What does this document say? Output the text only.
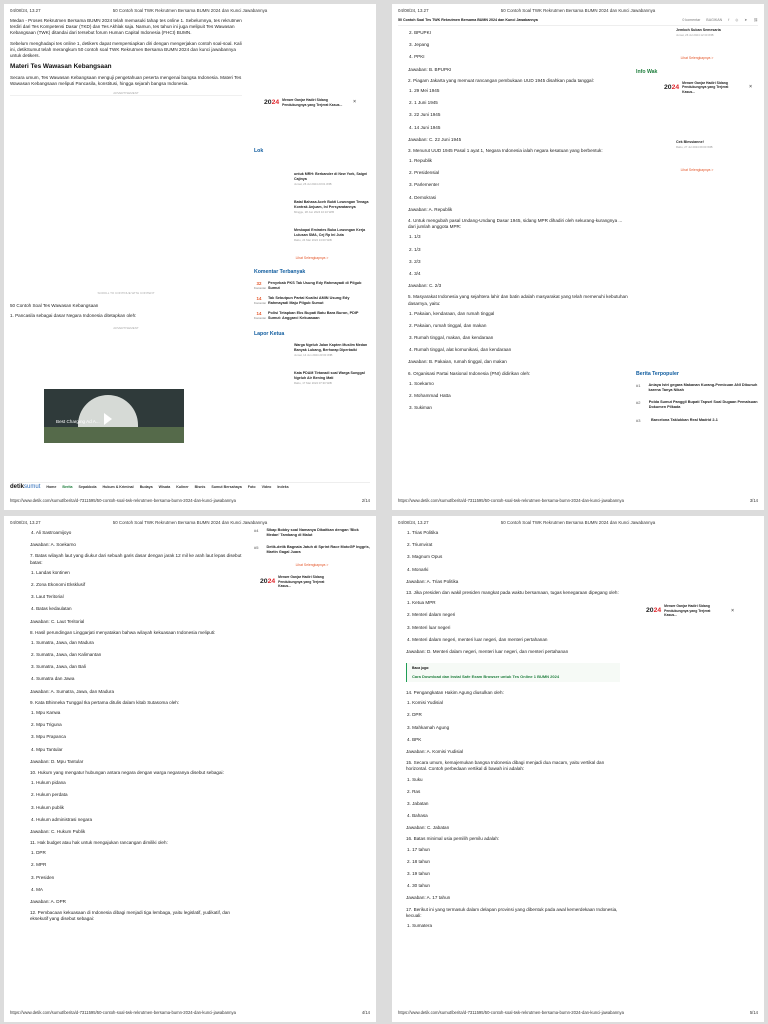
04/08/24, 13.27	50 Contoh Soal TWK Rekrutmen Bersama BUMN 2024 dan Kunci Jawabannya

Medan - Proses Rekrutmen Bersama BUMN 2024 telah memasuki tahap tes online 1. Sebelumnya, tes rekrutmen terdiri dari Tes Kompetensi Dasar (TKD) dan Tes Akhlak saja. Namun, tes tahun ini juga melipuit Tes Wawasan Kebangsaan (TWK) ditandai dari tersebut forum Human Capital Indonesia (FHCI) BUMN.

Sebelum menghadapi tes online 1, detikers dapat mempersiapkan diri dengan mengerjakan contoh soal-soal. Kali ini, detikSumut telah merangkum 50 contoh soal TWK Rekrutmen Bersama BUMN 2024 dan kunci jawabannya untuk detikers.

Materi Tes Wawasan Kebangsaan

Secara umum, Tes Wawasan Kebangsaan menguji pengetahuan peserta mengenai bangsa Indonesia. Materi Tes Wawasan Kebangsaan meliputi Pancasila, konstitusi, hingga sejarah bangsa Indonesia.

ADVERTISEMENT
SCROLL TO CONTINUE WITH CONTENT

50 Contoh Soal Tes Wawasan Kebangsaan

1. Pancasila sebagai dasar Negara Indonesia ditetapkan oleh:

ADVERTISEMENT
2024 Menwe Ganjar Hadiri Sidang Pendukungnya yang Terjerat Kasus...	×
Best Charging Ad A...
Lok
untuk MRH: Berbander di New York, Saigni Cajinya
Jumat, 26 Jul 2024 23:01 WIB
Batal Bahasa Aceh Bukti Lowongan Tenaga Kontrak Anjuam, Ini Persyaratannya
Minggu, 28 Jun 2024 10:10 WIB
Meskapai Emirates Buka Lowongan Kerja Lulusan SMA, Cej Rp Ini Juta
Rabu, 24 Mar 2024 13:00 WIB
Lihat Selengkapnya >
Komentar Terbanyak
32
Komentar
Penyebab PKS Tak Usung Edy Rahmayadi di Pilgub Sumut
14
Komentar
Tak Sebutpun Partai Koalisi AMIN Usung Edy Rahmayadi Maju Pilgub Sumut
14
Komentar
Polisi Tetapkan Eks Bupati Batu Bara Buron, PDIP Sumut: Anggarci Kekuasaan
Lapor Ketua
Warga Ngeluh Jalan Kapten Muslim Medan Banyak Lubang, Berharap Diperbaiki
Jumat, 14 Jun 2024 23:00 WIB
Kata PDAM Tirtanadi soal Warga Sunggal Ngeluh Air Bening Mati
Rabu, 17 Mar 2024 07:30 WIB
detiksumut Home Berita Sepakbola Hukum & Kriminal Budaya Wisata Kuliner Bisnis Sumut Bersahaya Foto Video Indeks
https://www.detik.com/sumut/berita/d-7311595/50-contoh-soal-twk-rekrutmen-bersama-bumn-2024-dan-kunci-jawabannya	2/14
04/08/24, 13.27	50 Contoh Soal TWK Rekrutmen Bersama BUMN 2024 dan Kunci Jawabannya
50 Contoh Soal Tes TWK Rekrutmen Bersama BUMN 2024 dan Kunci Jawabannya	0 komentar BAGIKAN f ◎ ➤ ⛓

2. BPUPKI

3. Jepang

4. PPKI

Jawaban: B. BPUPKI

2. Piagam Jakarta yang memuat rancangan pembukaan UUD 1945 disahkan pada tanggal:

1. 29 Mei 1945

2. 1 Juni 1945

3. 22 Juni 1945

4. 14 Juni 1945

Jawaban: C. 22 Juni 1945

3. Menurut UUD 1945 Pasal 1 ayat 1, Negara Indonesia ialah negara kesatuan yang berbentuk:

1. Republik

2. Presidensial

3. Parlementer

4. Demokrasi

Jawaban: A. Republik

4. Untuk mengubah pasal Undang-Undang Dasar 1945, sidang MPR dihadiri oleh sekurang-kurangnya ... dari jumlah anggota MPR:

1. 1/3

2. 1/3

3. 2/3

4. 3/4

Jawaban: C. 2/3

5. Masyarakat Indonesia yang sejahtera lahir dan batin adalah masyarakat yang telah memenuhi kebutuhan dasarnya, yaitu:

1. Pakaian, kendaraan, dan rumah tinggal

2. Pakaian, rumah tinggal, dan makan

3. Rumah tinggal, makan, dan kendaraan

4. Rumah tinggal, alat komunikasi, dan kendaraan

Jawaban: B. Pakaian, rumah tinggal, dan makan

6. Organisasi Partai Nasional Indonesia (PNI) didirikan oleh:

1. Soekarno

2. Mohammad Hatta

3. Sukiman

Jemboh Suban Semesaria
Jumat, 26 Jul 2024 12:30 WIB
Lihat Selengkapnya >
Info Wak
2024
Menwe Ganjar Hadiri Sidang Pendukungnya yang Terjerat Kasus...
×
Cek Blessianne!
Rabu, 27 Jul 2024 09:00 WIB
Lihat Selengkapnya >
Berita Terpopuler
#1	Aniaya Istri gegara Makanan Kurang-Pemicuan ANI Dibunuh karena Tanya Nikah
#2	Polda Sumut Panggil Bupati Tapsel Soal Dugaan Pemalsuan Dokumen Pilkada
#3	Barcelona Taklukkan Real Madrid 2-1
https://www.detik.com/sumut/berita/d-7311595/50-contoh-soal-twk-rekrutmen-bersama-bumn-2024-dan-kunci-jawabannya	3/14
04/08/24, 13.27	50 Contoh Soal TWK Rekrutmen Bersama BUMN 2024 dan Kunci Jawabannya

4. Ali Sastroamijoyo

Jawaban: A. Soekarno

7. Batas wilayah laut yang diukur dari sebuah garis dasar dengan jarak 12 mil ke arah laut lepas disebut batas:

1. Landas kontinen

2. Zona Ekonomi Eksklusif

3. Laut Teritorial

4. Batas kedaulatan

Jawaban: C. Laut Teritorial

8. Hasil perundingan Linggarjati menyatakan bahwa wilayah kekuasaan Indonesia meliputi:

1. Sumatra, Jawa, dan Madura

2. Sumatra, Jawa, dan Kalimantan

3. Sumatra, Jawa, dan Bali

4. Sumatra dan Jawa

Jawaban: A. Sumatra, Jawa, dan Madura

9. Kata Bhinneka Tunggal Ika pertama ditulis dalam kitab Sutasoma oleh:

1. Mpu Kanwa

2. Mpu Triguna

3. Mpu Prapanca

4. Mpu Tantular

Jawaban: D. Mpu Tantular

10. Hukum yang mengatur hubungan antara negara dengan warga negaranya disebut sebagai:

1. Hukum pidana

2. Hukum perdata

3. Hukum publik

4. Hukum administrasi negara

Jawaban: C. Hukum Publik

11. Hak budget atau hak untuk mengajukan rancangan dimiliki oleh:

1. DPR

2. MPR

3. Presiden

4. MA

Jawaban: A. DPR

12. Pembacaan kekuasaan di Indonesia dibagi menjadi tiga lembaga, yaitu legislatif, yudikatif, dan eksekutif yang disebut sebagai:

#4	Sikap Bobby soal Namanya Dikaitkan dengan 'Blok Medan' Tambang di Malut
#5	Detik-detik Bagnaia Jatuh di Sprint Race MotoGP Inggris, Martin Gagal Juara
Lihat Selengkapnya >
2024
Menwe Ganjar Hadiri Sidang Pendukungnya yang Terjerat Kasus...
https://www.detik.com/sumut/berita/d-7311595/50-contoh-soal-twk-rekrutmen-bersama-bumn-2024-dan-kunci-jawabannya	4/14
04/08/24, 13.27	50 Contoh Soal TWK Rekrutmen Bersama BUMN 2024 dan Kunci Jawabannya

1. Trias Politika

2. Triumvirat

3. Magnum Opus

4. Monarki

Jawaban: A. Trias Politika

13. Jika presiden dan wakil presiden mangkat pada waktu bersamaan, tugas kenegaraan dipegang oleh:

1. Ketua MPR

2. Menteri dalam negeri

3. Menteri luar negeri

4. Menteri dalam negeri, menteri luar negeri, dan menteri pertahanan

Jawaban: D. Menteri dalam negeri, menteri luar negeri, dan menteri pertahanan

Baca juga:
Cara Download dan Instal Safe Exam Browser untuk Tes Online 1 BUMN 2024

14. Pengangkatan Hakim Agung diusulkan oleh:

1. Komisi Yudisial

2. DPR

3. Mahkamah Agung

4. BPK

Jawaban: A. Komisi Yudisial

15. Secara umum, kemajemukan bangsa Indonesia dibagi menjadi dua macam, yaitu vertikal dan horizontal. Contoh perbedaan vertikal di bawah ini adalah:

1. Suku

2. Ras

3. Jabatan

4. Bahasa

Jawaban: C. Jabatan

16. Batas minimal usia pemilih pemilu adalah:

1. 17 tahun

2. 18 tahun

3. 19 tahun

4. 30 tahun

Jawaban: A. 17 tahun

17. Berikut ini yang termasuk dalam delapan provinsi yang dibentuk pada awal kemerdekaan Indonesia, kecuali:

1. Sumatera

2024
Menwe Ganjar Hadiri Sidang Pendukungnya yang Terjerat Kasus...
×
https://www.detik.com/sumut/berita/d-7311595/50-contoh-soal-twk-rekrutmen-bersama-bumn-2024-dan-kunci-jawabannya	5/14
